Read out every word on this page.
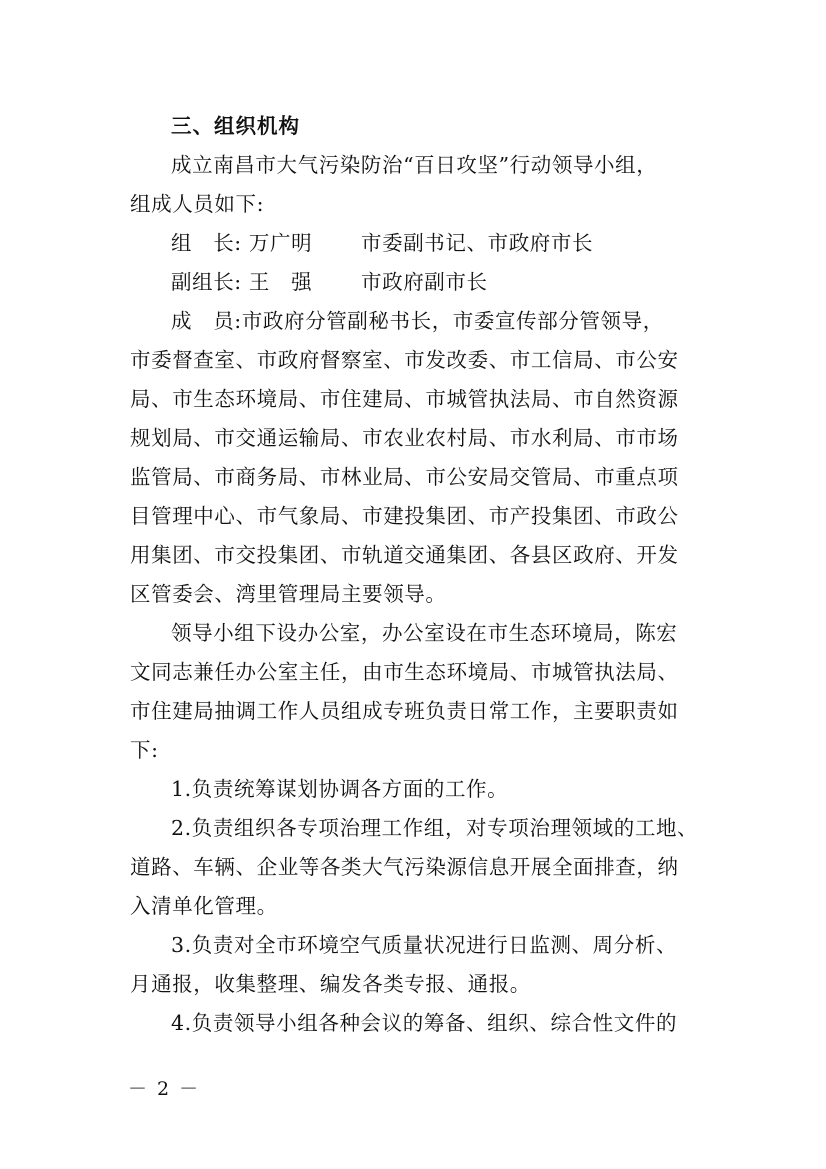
三、组织机构
成立南昌市大气污染防治“百日攻坚”行动领导小组，
组成人员如下:
组　长: 万广明 市委副书记、市政府市长
副组长: 王　强 市政府副市长
成　员:市政府分管副秘书长，市委宣传部分管领导，
市委督查室、市政府督察室、市发改委、市工信局、市公安
局、市生态环境局、市住建局、市城管执法局、市自然资源
规划局、市交通运输局、市农业农村局、市水利局、市市场
监管局、市商务局、市林业局、市公安局交管局、市重点项
目管理中心、市气象局、市建投集团、市产投集团、市政公
用集团、市交投集团、市轨道交通集团、各县区政府、开发
区管委会、湾里管理局主要领导。
领导小组下设办公室，办公室设在市生态环境局，陈宏
文同志兼任办公室主任，由市生态环境局、市城管执法局、
市住建局抽调工作人员组成专班负责日常工作，主要职责如
下:
1.负责统筹谋划协调各方面的工作。
2.负责组织各专项治理工作组，对专项治理领域的工地、
道路、车辆、企业等各类大气污染源信息开展全面排查，纳
入清单化管理。
3.负责对全市环境空气质量状况进行日监测、周分析、
月通报，收集整理、编发各类专报、通报。
4.负责领导小组各种会议的筹备、组织、综合性文件的
－ 2 －
